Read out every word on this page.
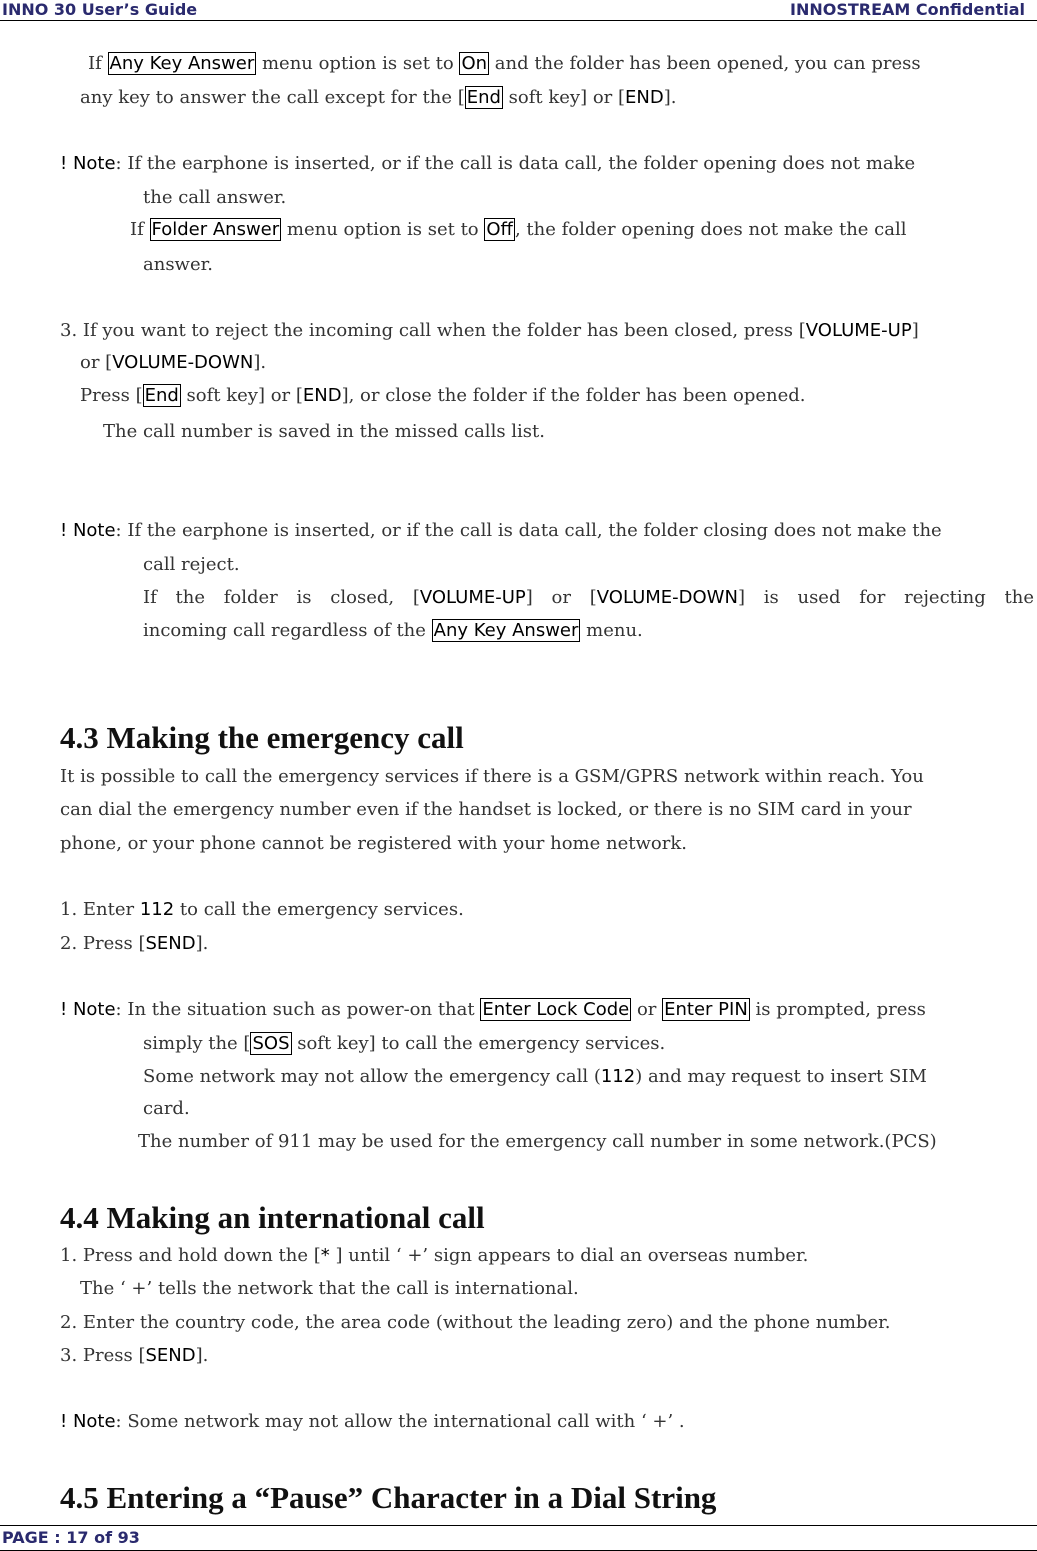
INNO 30 User’s Guide	INNOSTREAM Confidential
If Any Key Answer menu option is set to On and the folder has been opened, you can press
any key to answer the call except for the [ End soft key] or [END].
! Note: If the earphone is inserted, or if the call is data call, the folder opening does not make
the call answer.
If Folder Answer menu option is set to Off , the folder opening does not make the call
answer.
3. If you want to reject the incoming call when the folder has been closed, press [VOLUME-UP]
or [VOLUME-DOWN].
Press [ End soft key] or [END], or close the folder if the folder has been opened.
The call number is saved in the missed calls list.
! Note: If the earphone is inserted, or if the call is data call, the folder closing does not make the
call reject.
If the folder is closed, [VOLUME-UP] or [VOLUME-DOWN] is used for rejecting the
incoming call regardless of the Any Key Answer menu.
4.3 Making the emergency call
It is possible to call the emergency services if there is a GSM/GPRS network within reach. You
can dial the emergency number even if the handset is locked, or there is no SIM card in your
phone, or your phone cannot be registered with your home network.
1. Enter 112 to call the emergency services.
2. Press [SEND].
! Note: In the situation such as power-on that Enter Lock Code or Enter PIN is prompted, press
simply the [ SOS soft key] to call the emergency services.
Some network may not allow the emergency call (112) and may request to insert SIM
card.
The number of 911 may be used for the emergency call number in some network.(PCS)
4.4 Making an international call
1. Press and hold down the [* ] until ‘ +’ sign appears to dial an overseas number.
The ‘ +’ tells the network that the call is international.
2. Enter the country code, the area code (without the leading zero) and the phone number.
3. Press [SEND].
! Note: Some network may not allow the international call with ‘ +’ .
4.5 Entering a “Pause” Character in a Dial String
PAGE : 17 of 93
